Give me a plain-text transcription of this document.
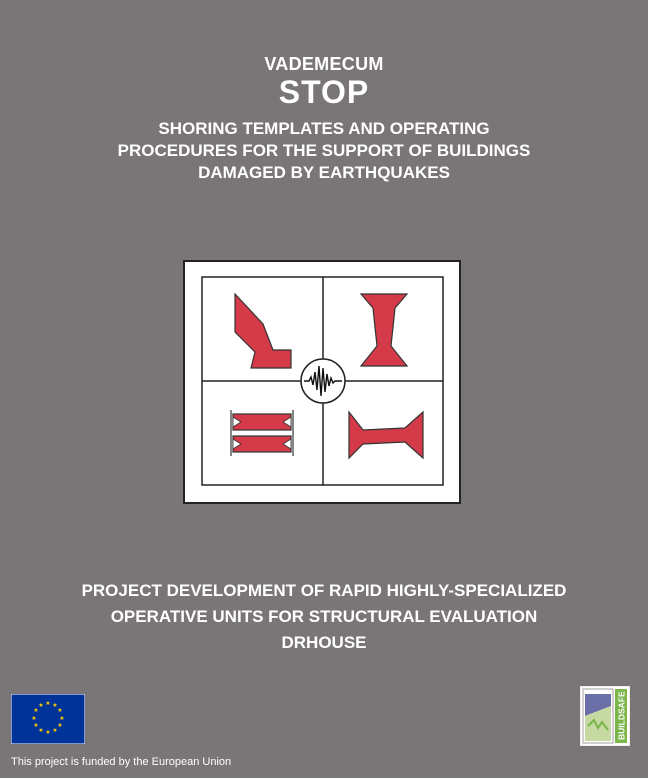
VADEMECUM
STOP
SHORING TEMPLATES AND OPERATING
PROCEDURES FOR THE SUPPORT OF BUILDINGS
DAMAGED BY EARTHQUAKES
PROJECT DEVELOPMENT OF RAPID HIGHLY-SPECIALIZED
OPERATIVE UNITS FOR STRUCTURAL EVALUATION
DRHOUSE
★ ★
★
★
★
★
★
★
★
★
★
★
This project is funded by the European Union
BUILDSAFE
